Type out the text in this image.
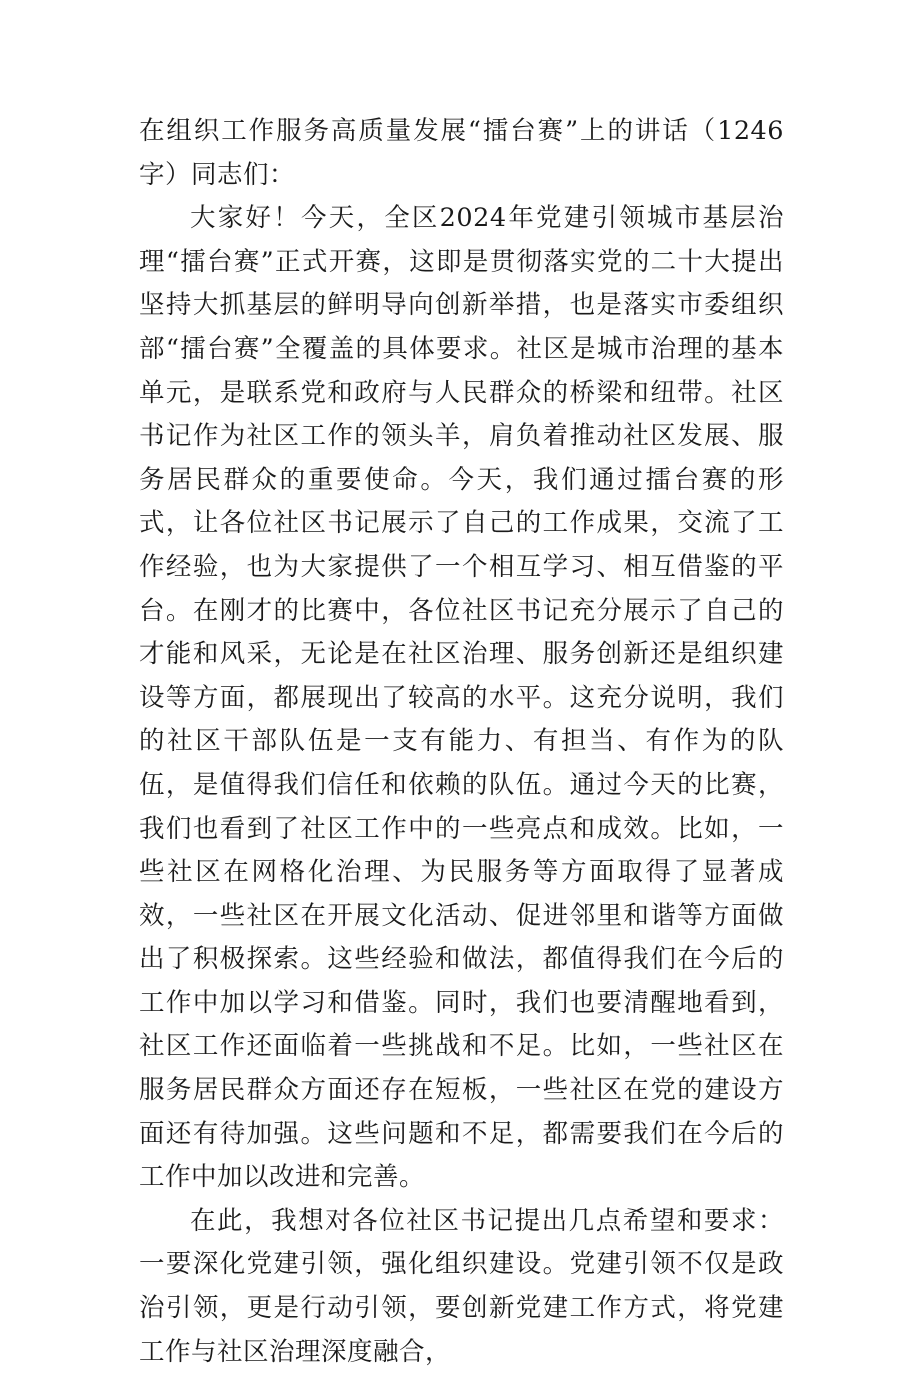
在组织工作服务高质量发展“擂台赛”上的讲话（1246字）同志们：

大家好！今天，全区2024年党建引领城市基层治理“擂台赛”正式开赛，这即是贯彻落实党的二十大提出坚持大抓基层的鲜明导向创新举措，也是落实市委组织部“擂台赛”全覆盖的具体要求。社区是城市治理的基本单元，是联系党和政府与人民群众的桥梁和纽带。社区书记作为社区工作的领头羊，肩负着推动社区发展、服务居民群众的重要使命。今天，我们通过擂台赛的形式，让各位社区书记展示了自己的工作成果，交流了工作经验，也为大家提供了一个相互学习、相互借鉴的平台。在刚才的比赛中，各位社区书记充分展示了自己的才能和风采，无论是在社区治理、服务创新还是组织建设等方面，都展现出了较高的水平。这充分说明，我们的社区干部队伍是一支有能力、有担当、有作为的队伍，是值得我们信任和依赖的队伍。通过今天的比赛，我们也看到了社区工作中的一些亮点和成效。比如，一些社区在网格化治理、为民服务等方面取得了显著成效，一些社区在开展文化活动、促进邻里和谐等方面做出了积极探索。这些经验和做法，都值得我们在今后的工作中加以学习和借鉴。同时，我们也要清醒地看到，社区工作还面临着一些挑战和不足。比如，一些社区在服务居民群众方面还存在短板，一些社区在党的建设方面还有待加强。这些问题和不足，都需要我们在今后的工作中加以改进和完善。

在此，我想对各位社区书记提出几点希望和要求：一要深化党建引领，强化组织建设。党建引领不仅是政治引领，更是行动引领，要创新党建工作方式，将党建工作与社区治理深度融合，
